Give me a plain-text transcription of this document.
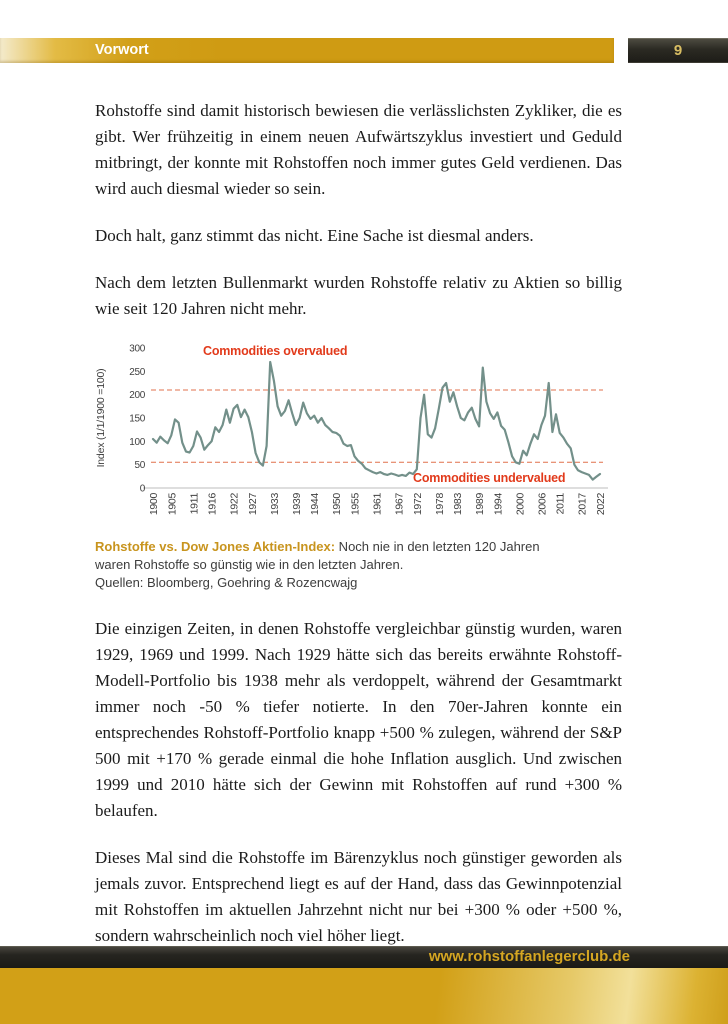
Vorwort	9

Rohstoffe sind damit historisch bewiesen die verlässlichsten Zykliker, die es gibt. Wer frühzeitig in einem neuen Aufwärtszyklus investiert und Geduld mitbringt, der konnte mit Rohstoffen noch immer gutes Geld verdienen. Das wird auch diesmal wieder so sein.

Doch halt, ganz stimmt das nicht. Eine Sache ist diesmal anders.

Nach dem letzten Bullenmarkt wurden Rohstoffe relativ zu Aktien so billig wie seit 120 Jahren nicht mehr.

0
50
100
150
200
250
300
1900 1905 1911 1916 1922 1927 1933 1939 1944 1950 1955 1961 1967 1972 1978 1983 1989 1994 2000 2006 2011 2017 2022
Index (1/1/1900 =100)
Commodities overvalued
Commodities undervalued
Rohstoffe vs. Dow Jones Aktien-Index: Noch nie in den letzten 120 Jahren waren Rohstoffe so günstig wie in den letzten Jahren.
Quellen: Bloomberg, Goehring & Rozencwajg

Die einzigen Zeiten, in denen Rohstoffe vergleichbar günstig wurden, waren 1929, 1969 und 1999. Nach 1929 hätte sich das bereits erwähnte Rohstoff-Modell-Portfolio bis 1938 mehr als verdoppelt, während der Gesamtmarkt immer noch -50 % tiefer notierte. In den 70er-Jahren konnte ein entsprechendes Rohstoff-Portfolio knapp +500 % zulegen, während der S&P 500 mit +170 % gerade einmal die hohe Inflation ausglich. Und zwischen 1999 und 2010 hätte sich der Gewinn mit Rohstoffen auf rund +300 % belaufen.

Dieses Mal sind die Rohstoffe im Bärenzyklus noch günstiger geworden als jemals zuvor. Entsprechend liegt es auf der Hand, dass das Gewinnpotenzial mit Rohstoffen im aktuellen Jahrzehnt nicht nur bei +300 % oder +500 %, sondern wahrscheinlich noch viel höher liegt.

www.rohstoffanlegerclub.de
